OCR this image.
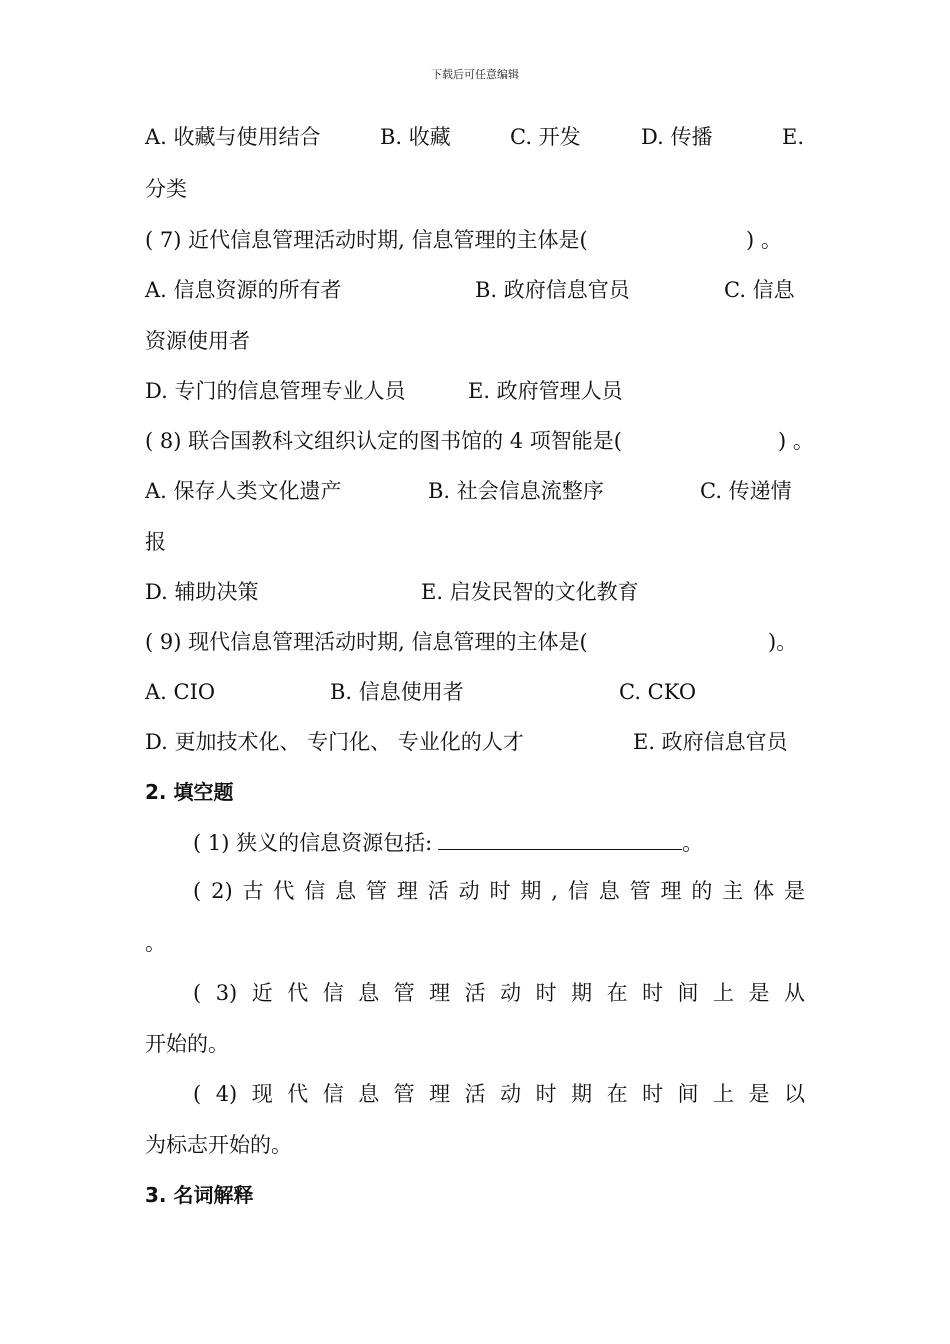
下载后可任意编辑
A. 收藏与使用结合	B. 收藏	C. 开发	D. 传播	E.
分类
( 7) 近代信息管理活动时期, 信息管理的主体是(	) 。
A. 信息资源的所有者	B. 政府信息官员	C. 信息
资源使用者
D. 专门的信息管理专业人员	E. 政府管理人员
( 8) 联合国教科文组织认定的图书馆的 4 项智能是(	) 。
A. 保存人类文化遗产	B. 社会信息流整序	C. 传递情
报
D. 辅助决策	E. 启发民智的文化教育
( 9) 现代信息管理活动时期, 信息管理的主体是(	)。
A. CIO	B. 信息使用者	C. CKO
D. 更加技术化、 专门化、 专业化的人才	E. 政府信息官员
2. 填空题
( 1) 狭义的信息资源包括:	。
( 2) 古 代 信 息 管 理 活 动 时 期 , 信 息 管 理 的 主 体 是
。
( 3) 近 代 信 息 管 理 活 动 时 期 在 时 间 上 是 从
开始的。
( 4) 现 代 信 息 管 理 活 动 时 期 在 时 间 上 是 以
为标志开始的。
3. 名词解释
